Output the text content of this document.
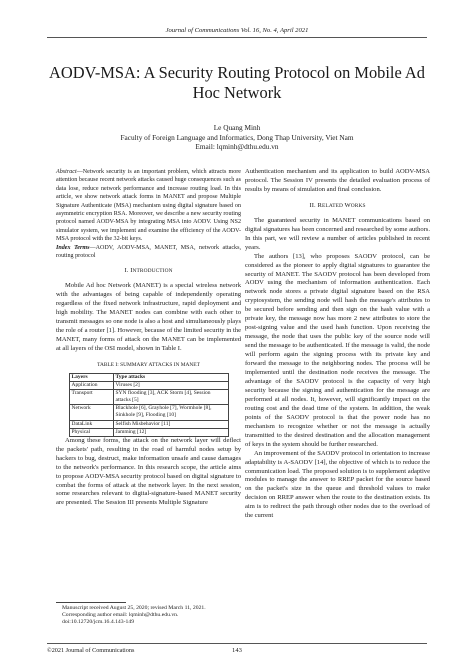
Journal of Communications Vol. 16, No. 4, April 2021
AODV-MSA: A Security Routing Protocol on Mobile Ad Hoc Network
Le Quang Minh
Faculty of Foreign Language and Informatics, Dong Thap University, Viet Nam
Email: lqminh@dthu.edu.vn

Abstract—Network security is an important problem, which attracts more attention because recent network attacks caused huge consequences such as data lose, reduce network performance and increase routing load. In this article, we show network attack forms in MANET and propose Multiple Signature Authenticate (MSA) mechanism using digital signature based on asymmetric encryption RSA. Moreover, we describe a new security routing protocol named AODV-MSA by integrating MSA into AODV. Using NS2 simulator system, we implement and examine the efficiency of the AODV-MSA protocol with the 32-bit keys.

Index Terms—AODV, AODV-MSA, MANET, MSA, network attacks, routing protocol

I. INTRODUCTION

Mobile Ad hoc Network (MANET) is a special wireless network with the advantages of being capable of independently operating regardless of the fixed network infrastructure, rapid deployment and high mobility. The MANET nodes can combine with each other to transmit messages so one node is also a host and simultaneously plays the role of a router [1]. However, because of the limited security in the MANET, many forms of attack on the MANET can be implemented at all layers of the OSI model, shown in Table I.

TABLE I: SUMMARY ATTACKS IN MANET
Layers	Type attacks
Application	Viruses [2]
Transport	SYN flooding [3], ACK Storm [4], Session attacks [5]
Network	Blackhole [6], Grayhole [7], Wormhole [8], Sinkhole [9], Flooding [10]
DataLink	Selfish Misbehavior [11]
Physical	Jamming [12]

Among these forms, the attack on the network layer will deflect the packets' path, resulting in the road of harmful nodes setup by hackers to bug, destruct, make information unsafe and cause damages to the network's performance. In this research scope, the article aims to propose AODV-MSA security protocol based on digital signature to combat the forms of attack at the network layer. In the next session, some researches relevant to digital-signature-based MANET security are presented. The Session III presents Multiple Signature

Authentication mechanism and its application to build AODV-MSA protocol. The Session IV presents the detailed evaluation process of results by means of simulation and final conclusion.

II. RELATED WORKS

The guaranteed security in MANET communications based on digital signatures has been concerned and researched by some authors. In this part, we will review a number of articles published in recent years.

The authors [13], who proposes SAODV protocol, can be considered as the pioneer to apply digital signatures to guarantee the security of MANET. The SAODV protocol has been developed from AODV using the mechanism of information authentication. Each network node stores a private digital signature based on the RSA cryptosystem, the sending node will hash the message's attributes to be secured before sending and then sign on the hash value with a private key, the message now has more 2 new attributes to store the post-signing value and the used hash function. Upon receiving the message, the node that uses the public key of the source node will send the message to be authenticated. If the message is valid, the node will perform again the signing process with its private key and forward the message to the neighboring nodes. The process will be implemented until the destination node receives the message. The advantage of the SAODV protocol is the capacity of very high security because the signing and authentication for the message are performed at all nodes. It, however, will significantly impact on the routing cost and the dead time of the system. In addition, the weak points of the SAODV protocol is that the power node has no mechanism to recognize whether or not the message is actually transmitted to the desired destination and the allocation management of keys in the system should be further researched.

An improvement of the SAODV protocol in orientation to increase adaptability is A-SAODV [14], the objective of which is to reduce the communication load. The proposed solution is to supplement adaptive modules to manage the answer to RREP packet for the source based on the packet's size in the queue and threshold values to make decision on RREP answer when the route to the destination exists. Its aim is to redirect the path through other nodes due to the overload of the current

Manuscript received August 25, 2020; revised March 11, 2021.
Corresponding author email: lqminh@dthu.edu.vn.
doi:10.12720/jcm.16.4.143-149
©2021 Journal of Communications	143
